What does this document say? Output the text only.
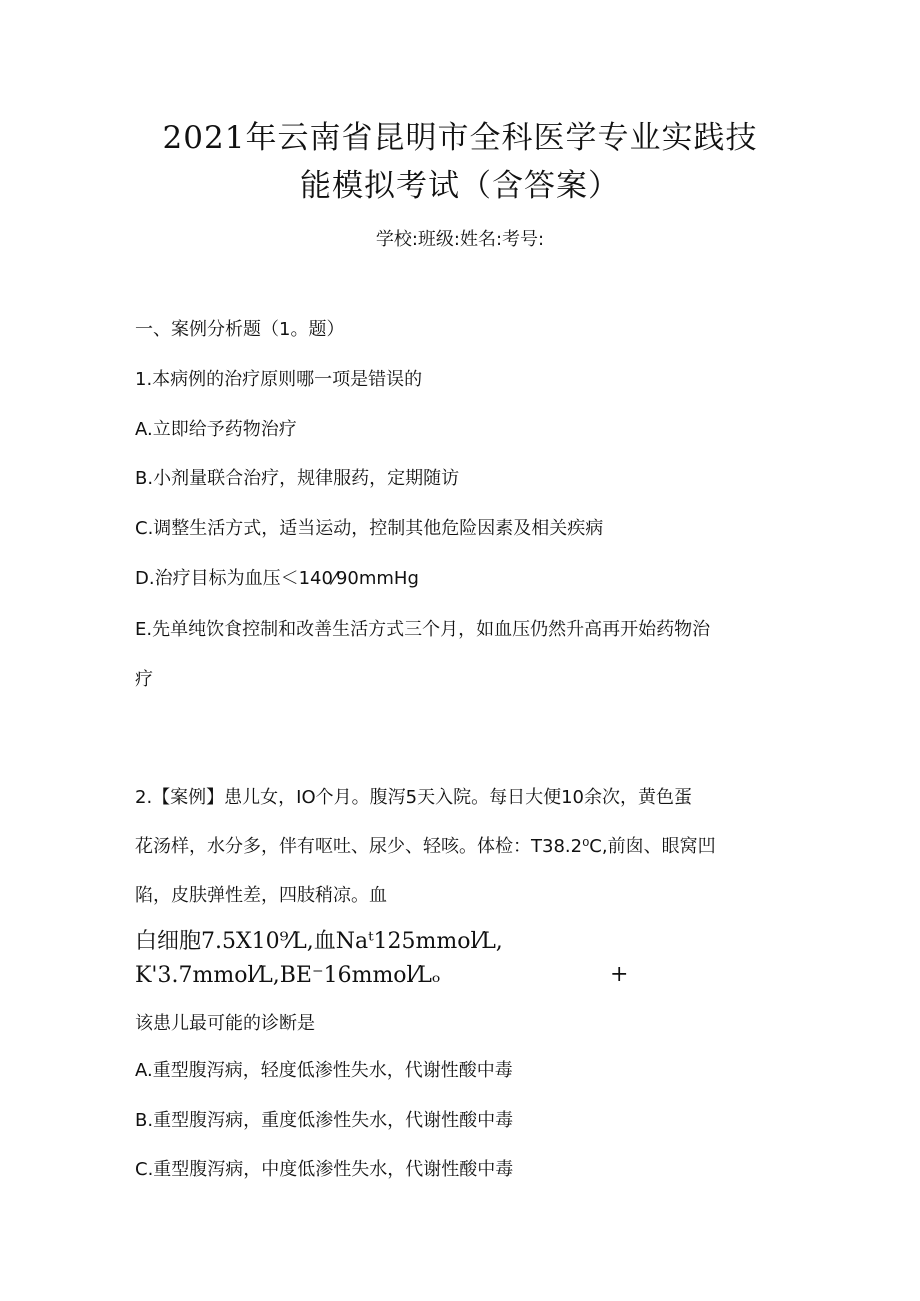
2021年云南省昆明市全科医学专业实践技
能模拟考试（含答案）
学校:班级:姓名:考号:
一、案例分析题（1。题）
1.本病例的治疗原则哪一项是错误的
A.立即给予药物治疗
B.小剂量联合治疗，规律服药，定期随访
C.调整生活方式，适当运动，控制其他危险因素及相关疾病
D.治疗目标为血压＜140⁄90mmHg
E.先单纯饮食控制和改善生活方式三个月，如血压仍然升高再开始药物治
疗
2.【案例】患儿女，IO个月。腹泻5天入院。每日大便10余次，黄色蛋
花汤样，水分多，伴有呕吐、尿少、轻咳。体检：T38.2⁰C,前囱、眼窝凹
陷，皮肤弹性差，四肢稍凉。血
白细胞7.5X10⁹⁄L,血Naᵗ125mmol⁄L,
K'3.7mmol⁄L,BE⁻16mmol⁄Lₒ	+
该患儿最可能的诊断是
A.重型腹泻病，轻度低渗性失水，代谢性酸中毒
B.重型腹泻病，重度低渗性失水，代谢性酸中毒
C.重型腹泻病，中度低渗性失水，代谢性酸中毒
